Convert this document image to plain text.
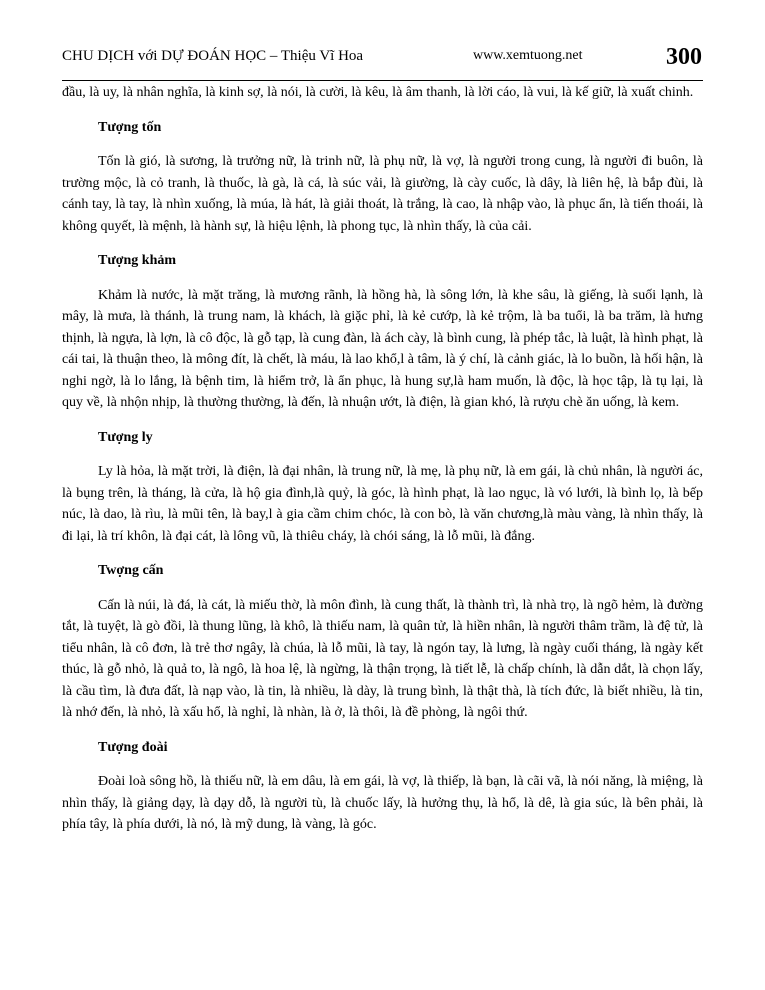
CHU DỊCH với DỰ ĐOÁN HỌC – Thiệu Vĩ Hoa	www.xemtuong.net	300

đầu, là uy, là nhân nghĩa, là kinh sợ, là nói, là cười, là kêu, là âm thanh, là lời cáo, là vui, là kế giữ, là xuất chinh.

Tượng tốn

Tốn là gió, là sương, là trưởng nữ, là trinh nữ, là phụ nữ, là vợ, là người trong cung, là người đi buôn, là trường mộc, là cỏ tranh, là thuốc, là gà, là cá, là súc vải, là giường, là cày cuốc, là dây, là liên hệ, là bắp đùi, là cánh tay, là tay, là nhìn xuống, là múa, là hát, là giải thoát, là trắng, là cao, là nhập vào, là phục ẩn, là tiến thoái, là không quyết, là mệnh, là hành sự, là hiệu lệnh, là phong tục, là nhìn thấy, là của cải.

Tượng khảm

Khảm là nước, là mặt trăng, là mương rãnh, là hồng hà, là sông lớn, là khe sâu, là giếng, là suối lạnh, là mây, là mưa, là thánh, là trung nam, là khách, là giặc phỉ, là kẻ cướp, là kẻ trộm, là ba tuổi, là ba trăm, là hưng thịnh, là ngựa, là lợn, là cô độc, là gỗ tạp, là cung đàn, là ách cày, là bình cung, là phép tắc, là luật, là hình phạt, là cái tai, là thuận theo, là mông đít, là chết, là máu, là lao khổ,l à tâm, là ý chí, là cảnh giác, là lo buồn, là hối hận, là nghi ngờ, là lo lắng, là bệnh tim, là hiểm trở, là ẩn phục, là hung sự,là ham muốn, là độc, là học tập, là tụ lại, là quy về, là nhộn nhịp, là thường thường, là đến, là nhuận ướt, là điện, là gian khó, là rượu chè ăn uống, là kem.

Tượng ly

Ly là hỏa, là mặt trời, là điện, là đại nhân, là trung nữ, là mẹ, là phụ nữ, là em gái, là chủ nhân, là người ác, là bụng trên, là tháng, là cửa, là hộ gia đình,là quỷ, là góc, là hình phạt, là lao ngục, là vó lưới, là bình lọ, là bếp núc, là dao, là rìu, là mũi tên, là bay,l à gia cầm chim chóc, là con bò, là văn chương,là màu vàng, là nhìn thấy, là đi lại, là trí khôn, là đại cát, là lông vũ, là thiêu cháy, là chói sáng, là lỗ mũi, là đắng.

Twợng cấn

Cấn là núi, là đá, là cát, là miếu thờ, là môn đình, là cung thất, là thành trì, là nhà trọ, là ngõ hẻm, là đường tắt, là tuyệt, là gò đồi, là thung lũng, là khô, là thiếu nam, là quân tử, là hiền nhân, là người thâm trầm, là đệ tử, là tiểu nhân, là cô đơn, là trẻ thơ ngây, là chúa, là lỗ mũi, là tay, là ngón tay, là lưng, là ngày cuối tháng, là ngày kết thúc, là gỗ nhỏ, là quả to, là ngô, là hoa lệ, là ngừng, là thận trọng, là tiết lễ, là chấp chính, là dẫn dắt, là chọn lấy, là cầu tìm, là đưa đất, là nạp vào, là tin, là nhiều, là dày, là trung bình, là thật thà, là tích đức, là biết nhiều, là tin, là nhớ đến, là nhỏ, là xấu hổ, là nghỉ, là nhàn, là ở, là thôi, là đề phòng, là ngôi thứ.

Tượng đoài

Đoài loà sông hồ, là thiếu nữ, là em dâu, là em gái, là vợ, là thiếp, là bạn, là cãi vã, là nói năng, là miệng, là nhìn thấy, là giảng dạy, là dạy dỗ, là người tù, là chuốc lấy, là hưởng thụ, là hổ, là dê, là gia súc, là bên phải, là phía tây, là phía dưới, là nó, là mỹ dung, là vàng, là góc.
